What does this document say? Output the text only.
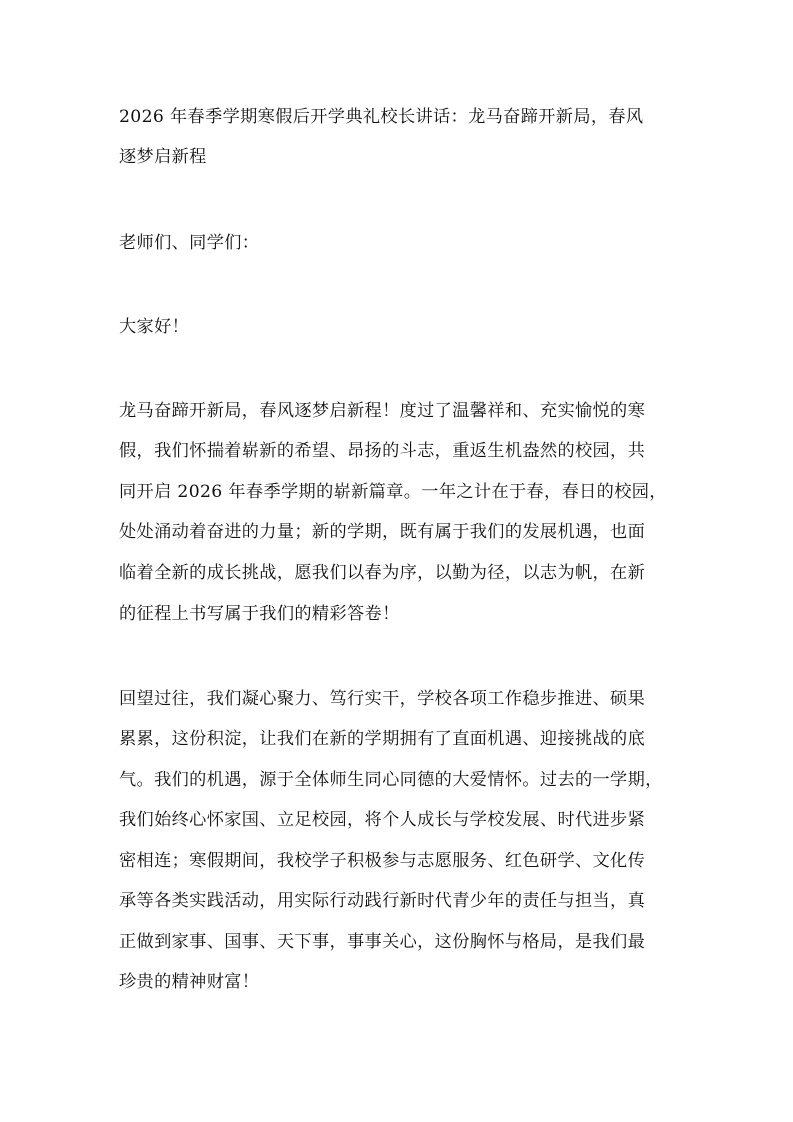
2026 年春季学期寒假后开学典礼校长讲话：龙马奋蹄开新局，春风
逐梦启新程
老师们、同学们：
大家好！
龙马奋蹄开新局，春风逐梦启新程！度过了温馨祥和、充实愉悦的寒
假，我们怀揣着崭新的希望、昂扬的斗志，重返生机盎然的校园，共
同开启 2026 年春季学期的崭新篇章。一年之计在于春，春日的校园，
处处涌动着奋进的力量；新的学期，既有属于我们的发展机遇，也面
临着全新的成长挑战，愿我们以春为序，以勤为径，以志为帆，在新
的征程上书写属于我们的精彩答卷！
回望过往，我们凝心聚力、笃行实干，学校各项工作稳步推进、硕果
累累，这份积淀，让我们在新的学期拥有了直面机遇、迎接挑战的底
气。我们的机遇，源于全体师生同心同德的大爱情怀。过去的一学期，
我们始终心怀家国、立足校园，将个人成长与学校发展、时代进步紧
密相连；寒假期间，我校学子积极参与志愿服务、红色研学、文化传
承等各类实践活动，用实际行动践行新时代青少年的责任与担当，真
正做到家事、国事、天下事，事事关心，这份胸怀与格局，是我们最
珍贵的精神财富！
